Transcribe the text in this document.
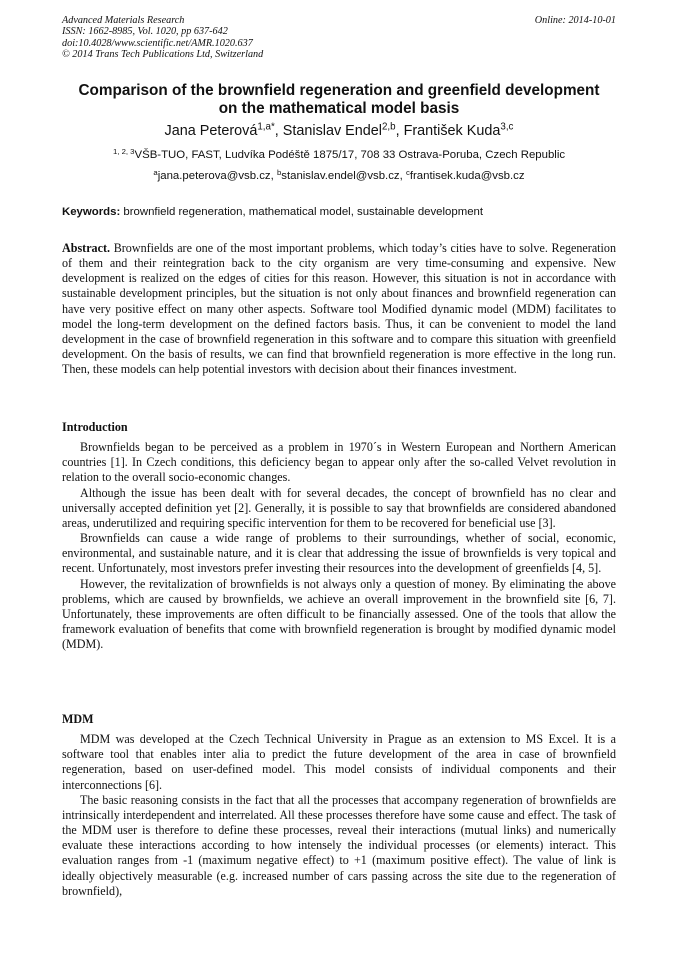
Advanced Materials Research
ISSN: 1662-8985, Vol. 1020, pp 637-642
doi:10.4028/www.scientific.net/AMR.1020.637
© 2014 Trans Tech Publications Ltd, Switzerland
Online: 2014-10-01
Comparison of the brownfield regeneration and greenfield development
on the mathematical model basis
Jana Peterová$^{1,a*}$, Stanislav Endel$^{2,b}$, František Kuda$^{3,c}$
$^{1, 2, 3}$VŠB-TUO, FAST, Ludvíka Podéště 1875/17, 708 33 Ostrava-Poruba, Czech Republic
$^a$jana.peterova@vsb.cz, $^b$stanislav.endel@vsb.cz, $^c$frantisek.kuda@vsb.cz
Keywords: brownfield regeneration, mathematical model, sustainable development

Abstract. Brownfields are one of the most important problems, which today’s cities have to solve. Regeneration of them and their reintegration back to the city organism are very time-consuming and expensive. New development is realized on the edges of cities for this reason. However, this situation is not in accordance with sustainable development principles, but the situation is not only about finances and brownfield regeneration can have very positive effect on many other aspects. Software tool Modified dynamic model (MDM) facilitates to model the long-term development on the defined factors basis. Thus, it can be convenient to model the land development in the case of brownfield regeneration in this software and to compare this situation with greenfield development. On the basis of results, we can find that brownfield regeneration is more effective in the long run. Then, these models can help potential investors with decision about their finances investment.

Introduction

Brownfields began to be perceived as a problem in 1970´s in Western European and Northern American countries [1]. In Czech conditions, this deficiency began to appear only after the so-called Velvet revolution in relation to the overall socio-economic changes.

Although the issue has been dealt with for several decades, the concept of brownfield has no clear and universally accepted definition yet [2]. Generally, it is possible to say that brownfields are considered abandoned areas, underutilized and requiring specific intervention for them to be recovered for beneficial use [3].

Brownfields can cause a wide range of problems to their surroundings, whether of social, economic, environmental, and sustainable nature, and it is clear that addressing the issue of brownfields is very topical and recent. Unfortunately, most investors prefer investing their resources into the development of greenfields [4, 5].

However, the revitalization of brownfields is not always only a question of money. By eliminating the above problems, which are caused by brownfields, we achieve an overall improvement in the brownfield site [6, 7]. Unfortunately, these improvements are often difficult to be financially assessed. One of the tools that allow the framework evaluation of benefits that come with brownfield regeneration is brought by modified dynamic model (MDM).

MDM

MDM was developed at the Czech Technical University in Prague as an extension to MS Excel. It is a software tool that enables inter alia to predict the future development of the area in case of brownfield regeneration, based on user-defined model. This model consists of individual components and their interconnections [6].

The basic reasoning consists in the fact that all the processes that accompany regeneration of brownfields are intrinsically interdependent and interrelated. All these processes therefore have some cause and effect. The task of the MDM user is therefore to define these processes, reveal their interactions (mutual links) and numerically evaluate these interactions according to how intensely the individual processes (or elements) interact. This evaluation ranges from -1 (maximum negative effect) to +1 (maximum positive effect). The value of link is ideally objectively measurable (e.g. increased number of cars passing across the site due to the regeneration of brownfield),
